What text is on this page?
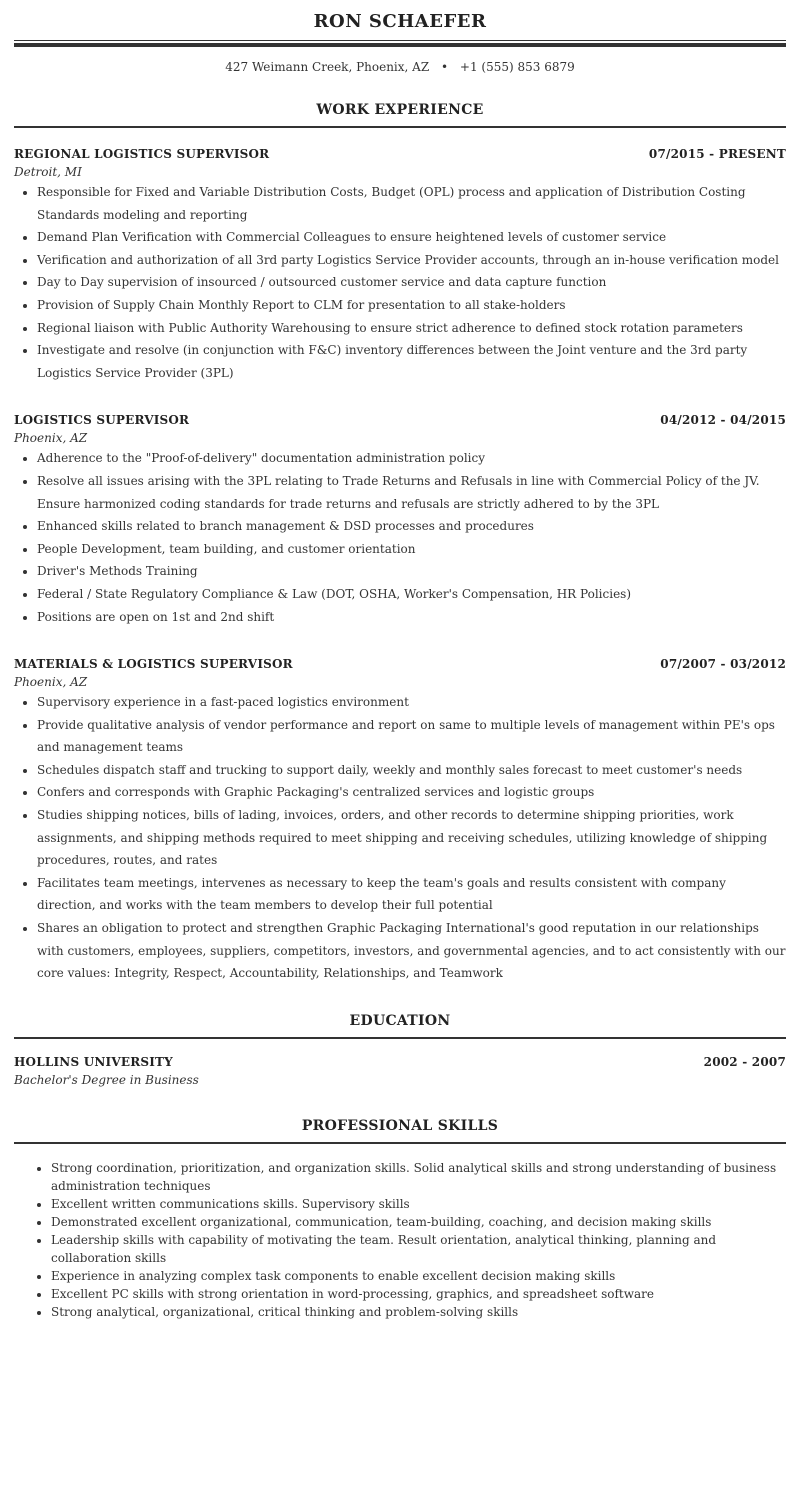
RON SCHAEFER
427 Weimann Creek, Phoenix, AZ • +1 (555) 853 6879
WORK EXPERIENCE
REGIONAL LOGISTICS SUPERVISOR	07/2015 - PRESENT
Detroit, MI
• Responsible for Fixed and Variable Distribution Costs, Budget (OPL) process and application of Distribution Costing Standards modeling and reporting
• Demand Plan Verification with Commercial Colleagues to ensure heightened levels of customer service
• Verification and authorization of all 3rd party Logistics Service Provider accounts, through an in-house verification model
• Day to Day supervision of insourced / outsourced customer service and data capture function
• Provision of Supply Chain Monthly Report to CLM for presentation to all stake-holders
• Regional liaison with Public Authority Warehousing to ensure strict adherence to defined stock rotation parameters
• Investigate and resolve (in conjunction with F&C) inventory differences between the Joint venture and the 3rd party Logistics Service Provider (3PL)
LOGISTICS SUPERVISOR	04/2012 - 04/2015
Phoenix, AZ
• Adherence to the "Proof-of-delivery" documentation administration policy
• Resolve all issues arising with the 3PL relating to Trade Returns and Refusals in line with Commercial Policy of the JV. Ensure harmonized coding standards for trade returns and refusals are strictly adhered to by the 3PL
• Enhanced skills related to branch management & DSD processes and procedures
• People Development, team building, and customer orientation
• Driver's Methods Training
• Federal / State Regulatory Compliance & Law (DOT, OSHA, Worker's Compensation, HR Policies)
• Positions are open on 1st and 2nd shift
MATERIALS & LOGISTICS SUPERVISOR	07/2007 - 03/2012
Phoenix, AZ
• Supervisory experience in a fast-paced logistics environment
• Provide qualitative analysis of vendor performance and report on same to multiple levels of management within PE's ops and management teams
• Schedules dispatch staff and trucking to support daily, weekly and monthly sales forecast to meet customer's needs
• Confers and corresponds with Graphic Packaging's centralized services and logistic groups
• Studies shipping notices, bills of lading, invoices, orders, and other records to determine shipping priorities, work assignments, and shipping methods required to meet shipping and receiving schedules, utilizing knowledge of shipping procedures, routes, and rates
• Facilitates team meetings, intervenes as necessary to keep the team's goals and results consistent with company direction, and works with the team members to develop their full potential
• Shares an obligation to protect and strengthen Graphic Packaging International's good reputation in our relationships with customers, employees, suppliers, competitors, investors, and governmental agencies, and to act consistently with our core values: Integrity, Respect, Accountability, Relationships, and Teamwork
EDUCATION
HOLLINS UNIVERSITY	2002 - 2007
Bachelor's Degree in Business
PROFESSIONAL SKILLS
• Strong coordination, prioritization, and organization skills. Solid analytical skills and strong understanding of business administration techniques
• Excellent written communications skills. Supervisory skills
• Demonstrated excellent organizational, communication, team-building, coaching, and decision making skills
• Leadership skills with capability of motivating the team. Result orientation, analytical thinking, planning and collaboration skills
• Experience in analyzing complex task components to enable excellent decision making skills
• Excellent PC skills with strong orientation in word-processing, graphics, and spreadsheet software
• Strong analytical, organizational, critical thinking and problem-solving skills
